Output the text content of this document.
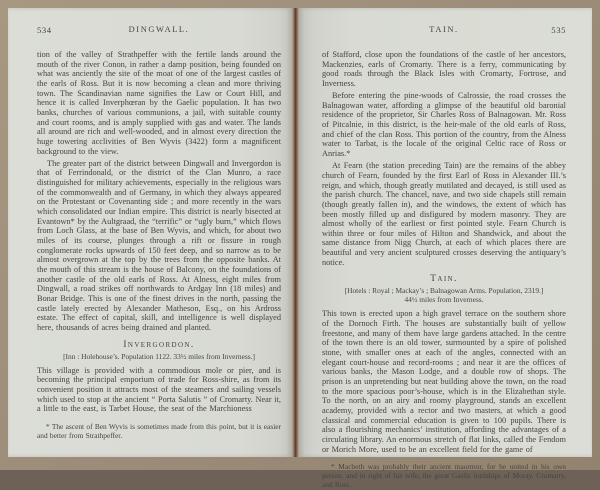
534	DINGWALL.

tion of the valley of Strathpeffer with the fertile lands around the mouth of the river Conon, in rather a damp position, being founded on what was anciently the site of the moat of one of the largest castles of the earls of Ross. But it is now becoming a clean and more thriving town. The Scandinavian name signifies the Law or Court Hill, and hence it is called Inverphœran by the Gaelic population. It has two banks, churches of various communions, a jail, with suitable county and court rooms, and is amply supplied with gas and water. The lands all around are rich and well-wooded, and in almost every direction the huge towering acclivities of Ben Wyvis (3422) form a magnificent background to the view.

The greater part of the district between Dingwall and Invergordon is that of Ferrindonald, or the district of the Clan Munro, a race distinguished for military achievements, especially in the religious wars of the commonwealth and of Germany, in which they always appeared on the Protestant or Covenanting side ; and more recently in the wars which consolidated our Indian empire. This district is nearly bisected at Evantown* by the Aultgraad, the “terrific” or “ugly burn,” which flows from Loch Glass, at the base of Ben Wyvis, and which, for about two miles of its course, plunges through a rift or fissure in rough conglomerate rocks upwards of 150 feet deep, and so narrow as to be almost overgrown at the top by the trees from the opposite banks. At the mouth of this stream is the house of Balcony, on the foundations of another castle of the old earls of Ross. At Alness, eight miles from Dingwall, a road strikes off northwards to Ardgay Inn (18 miles) and Bonar Bridge. This is one of the finest drives in the north, passing the castle lately erected by Alexander Matheson, Esq., on his Ardross estate. The effect of capital, skill, and intelligence is well displayed here, thousands of acres being drained and planted.

Invergordon.

[Inn : Holehouse’s. Population 1122. 33½ miles from Inverness.]

This village is provided with a commodious mole or pier, and is becoming the principal emporium of trade for Ross-shire, as from its convenient position it attracts most of the steamers and sailing vessels which used to stop at the ancient “ Porta Salutis ” of Cromarty. Near it, a little to the east, is Tarbet House, the seat of the Marchioness

* The ascent of Ben Wyvis is sometimes made from this point, but it is easier and better from Strathpeffer.

TAIN.	535

of Stafford, close upon the foundations of the castle of her ancestors, Mackenzies, earls of Cromarty. There is a ferry, communicating by good roads through the Black Isles with Cromarty, Fortrose, and Inverness.

Before entering the pine-woods of Calrossie, the road crosses the Balnagowan water, affording a glimpse of the beautiful old baronial residence of the proprietor, Sir Charles Ross of Balnagowan. Mr. Ross of Pitcalnie, in this district, is the heir-male of the old earls of Ross, and chief of the clan Ross. This portion of the country, from the Alness water to Tarbat, is the locale of the original Celtic race of Ross or Anrias.*

At Fearn (the station preceding Tain) are the remains of the abbey church of Fearn, founded by the first Earl of Ross in Alexander III.’s reign, and which, though greatly mutilated and decayed, is still used as the parish church. The chancel, nave, and two side chapels still remain (though greatly fallen in), and the windows, the extent of which has been mostly filled up and disfigured by modern masonry. They are almost wholly of the earliest or first pointed style. Fearn Church is within three or four miles of Hilton and Shandwick, and about the same distance from Nigg Church, at each of which places there are beautiful and very ancient sculptured crosses deserving the antiquary’s notice.

Tain.

[Hotels : Royal ; Mackay’s ; Balnagowan Arms. Population, 2319.]
44½ miles from Inverness.

This town is erected upon a high gravel terrace on the southern shore of the Dornoch Firth. The houses are substantially built of yellow freestone, and many of them have large gardens attached. In the centre of the town there is an old tower, surmounted by a spire of polished stone, with smaller ones at each of the angles, connected with an elegant court-house and record-rooms ; and near it are the offices of various banks, the Mason Lodge, and a double row of shops. The prison is an unpretending but neat building above the town, on the road to the more spacious poor’s-house, which is in the Elizabethan style. To the north, on an airy and roomy playground, stands an excellent academy, provided with a rector and two masters, at which a good classical and commercial education is given to 100 pupils. There is also a flourishing mechanics’ institution, affording the advantages of a circulating library. An enormous stretch of flat links, called the Fendom or Morich More, used to be an excellent field for the game of

* Macbeth was probably their ancient maormor, for he united in his own person, and in right of his wife, the great Gaelic lordships of Moray, Cromarty, and Ross.
